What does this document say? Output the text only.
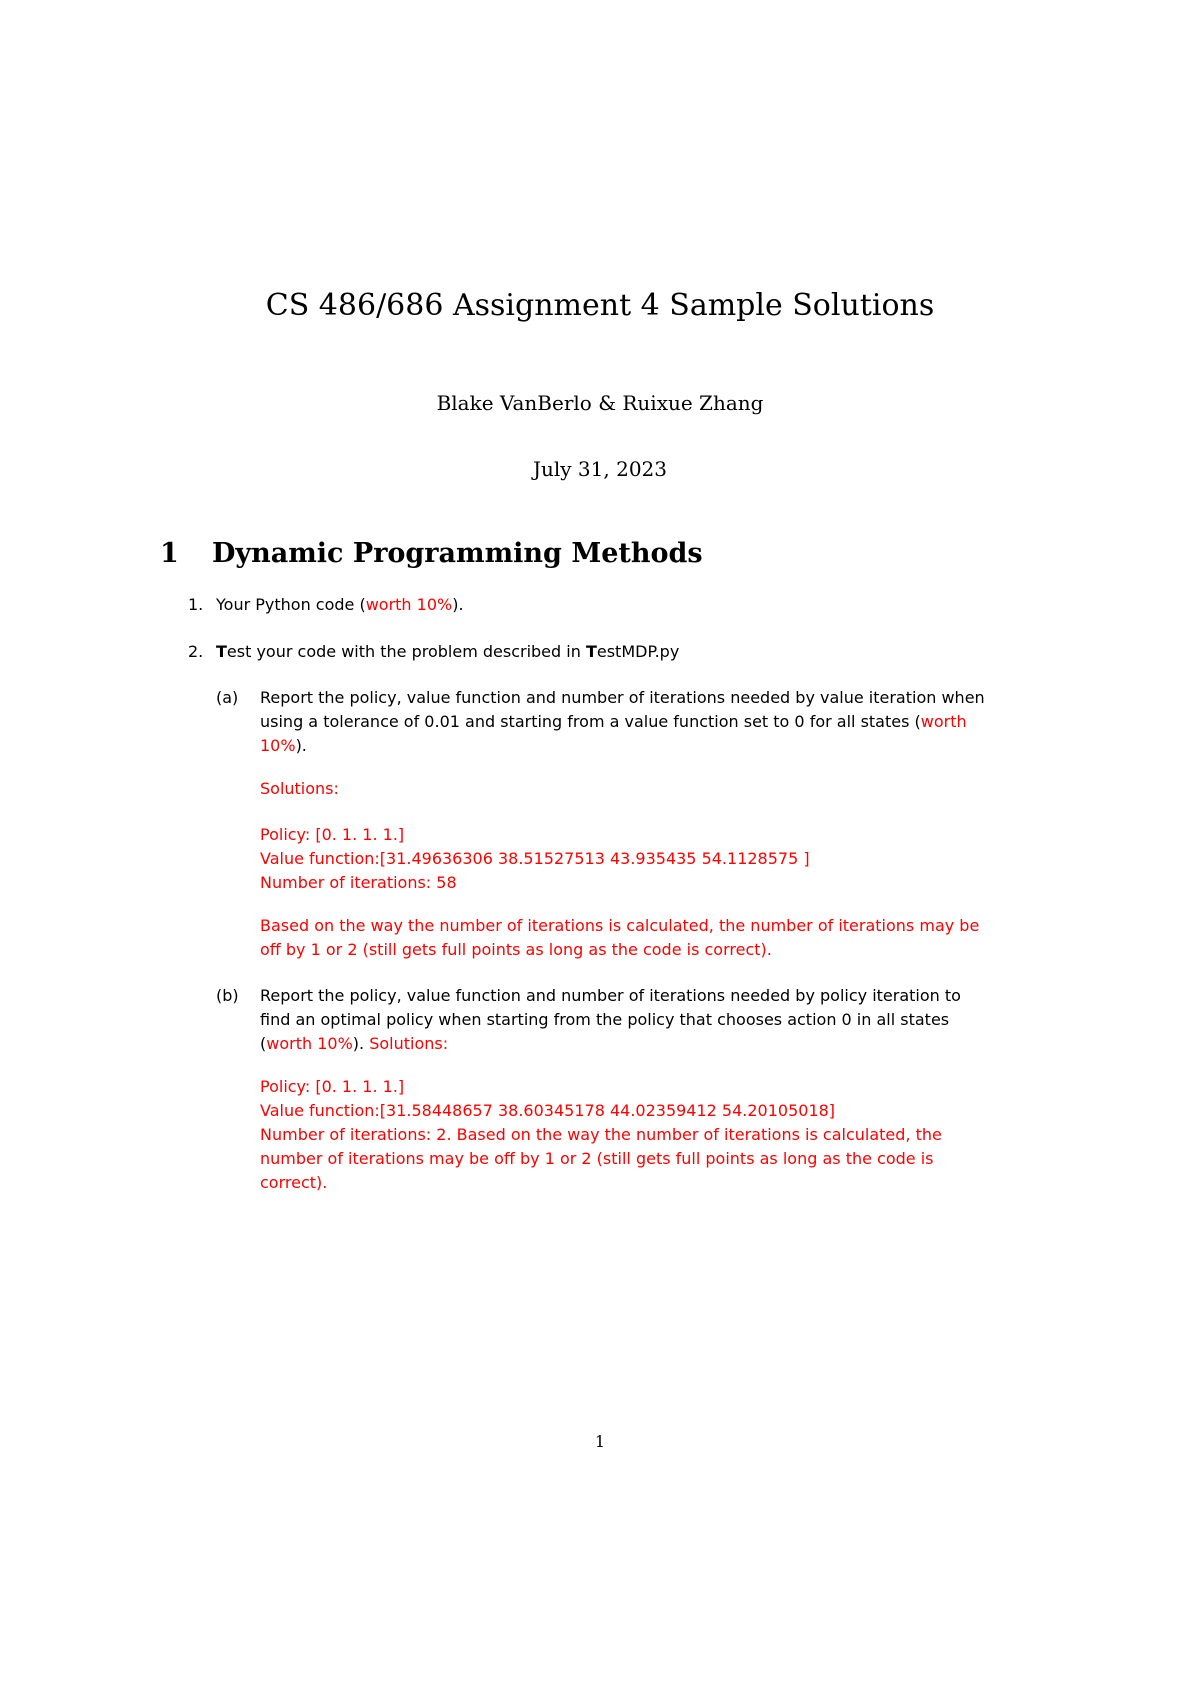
CS 486/686 Assignment 4 Sample Solutions
Blake VanBerlo & Ruixue Zhang
July 31, 2023
1 Dynamic Programming Methods
1. Your Python code (worth 10%).
2. Test your code with the problem described in TestMDP.py
(a) Report the policy, value function and number of iterations needed by value iteration when
using a tolerance of 0.01 and starting from a value function set to 0 for all states (worth
10%).
Solutions:
Policy: [0. 1. 1. 1.]
Value function:[31.49636306 38.51527513 43.935435 54.1128575 ]
Number of iterations: 58
Based on the way the number of iterations is calculated, the number of iterations may be
off by 1 or 2 (still gets full points as long as the code is correct).
(b) Report the policy, value function and number of iterations needed by policy iteration to
find an optimal policy when starting from the policy that chooses action 0 in all states
(worth 10%). Solutions:
Policy: [0. 1. 1. 1.]
Value function:[31.58448657 38.60345178 44.02359412 54.20105018]
Number of iterations: 2. Based on the way the number of iterations is calculated, the
number of iterations may be off by 1 or 2 (still gets full points as long as the code is
correct).
1
